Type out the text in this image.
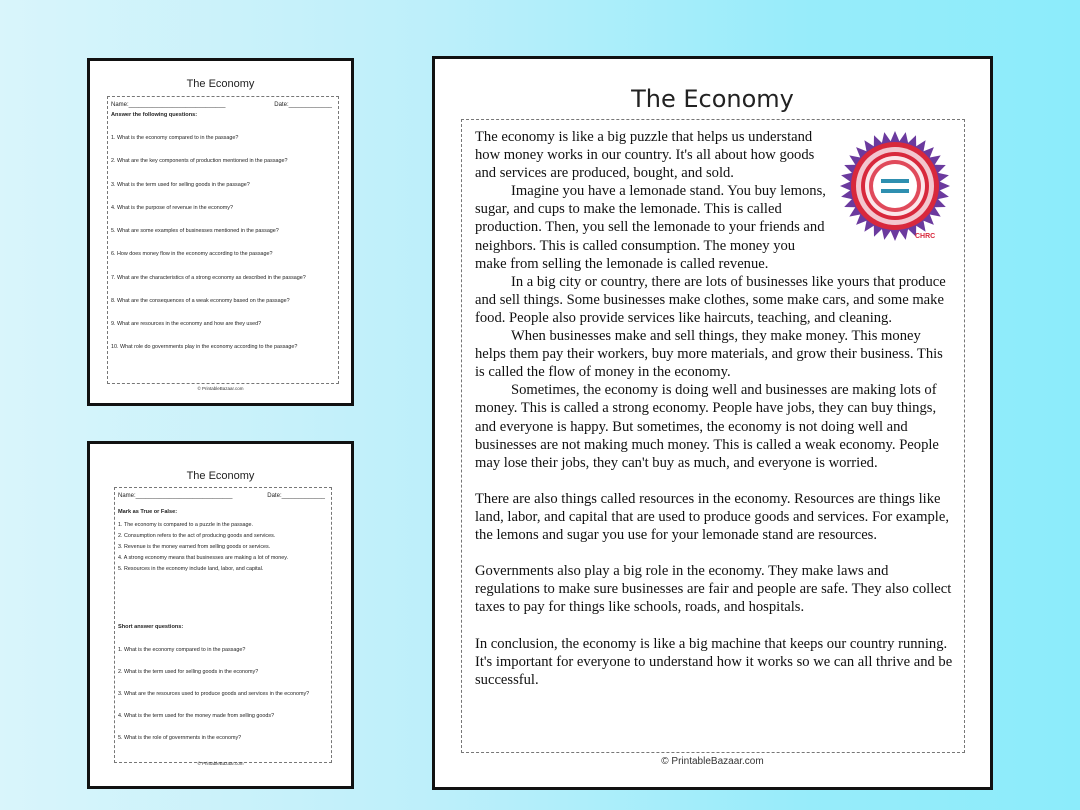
The Economy
Name:_____________________________	Date:_____________
Answer the following questions:
1. What is the economy compared to in the passage?
2. What are the key components of production mentioned in the passage?
3. What is the term used for selling goods in the passage?
4. What is the purpose of revenue in the economy?
5. What are some examples of businesses mentioned in the passage?
6. How does money flow in the economy according to the passage?
7. What are the characteristics of a strong economy as described in the passage?
8. What are the consequences of a weak economy based on the passage?
9. What are resources in the economy and how are they used?
10. What role do governments play in the economy according to the passage?
© PrintableBazaar.com
The Economy
Name:_____________________________	Date:_____________
Mark as True or False:
1. The economy is compared to a puzzle in the passage.
2. Consumption refers to the act of producing goods and services.
3. Revenue is the money earned from selling goods or services.
4. A strong economy means that businesses are making a lot of money.
5. Resources in the economy include land, labor, and capital.
Short answer questions:
1. What is the economy compared to in the passage?
2. What is the term used for selling goods in the economy?
3. What are the resources used to produce goods and services in the economy?
4. What is the term used for the money made from selling goods?
5. What is the role of governments in the economy?
© PrintableBazaar.com
The Economy
CHRC

The economy is like a big puzzle that helps us understand how money works in our country. It's all about how goods and services are produced, bought, and sold.

Imagine you have a lemonade stand. You buy lemons, sugar, and cups to make the lemonade. This is called production. Then, you sell the lemonade to your friends and neighbors. This is called consumption. The money you make from selling the lemonade is called revenue.

In a big city or country, there are lots of businesses like yours that produce and sell things. Some businesses make clothes, some make cars, and some make food. People also provide services like haircuts, teaching, and cleaning.

When businesses make and sell things, they make money. This money helps them pay their workers, buy more materials, and grow their business. This is called the flow of money in the economy.

Sometimes, the economy is doing well and businesses are making lots of money. This is called a strong economy. People have jobs, they can buy things, and everyone is happy. But sometimes, the economy is not doing well and businesses are not making much money. This is called a weak economy. People may lose their jobs, they can't buy as much, and everyone is worried.

There are also things called resources in the economy. Resources are things like land, labor, and capital that are used to produce goods and services. For example, the lemons and sugar you use for your lemonade stand are resources.

Governments also play a big role in the economy. They make laws and regulations to make sure businesses are fair and people are safe. They also collect taxes to pay for things like schools, roads, and hospitals.

In conclusion, the economy is like a big machine that keeps our country running. It's important for everyone to understand how it works so we can all thrive and be successful.

© PrintableBazaar.com
